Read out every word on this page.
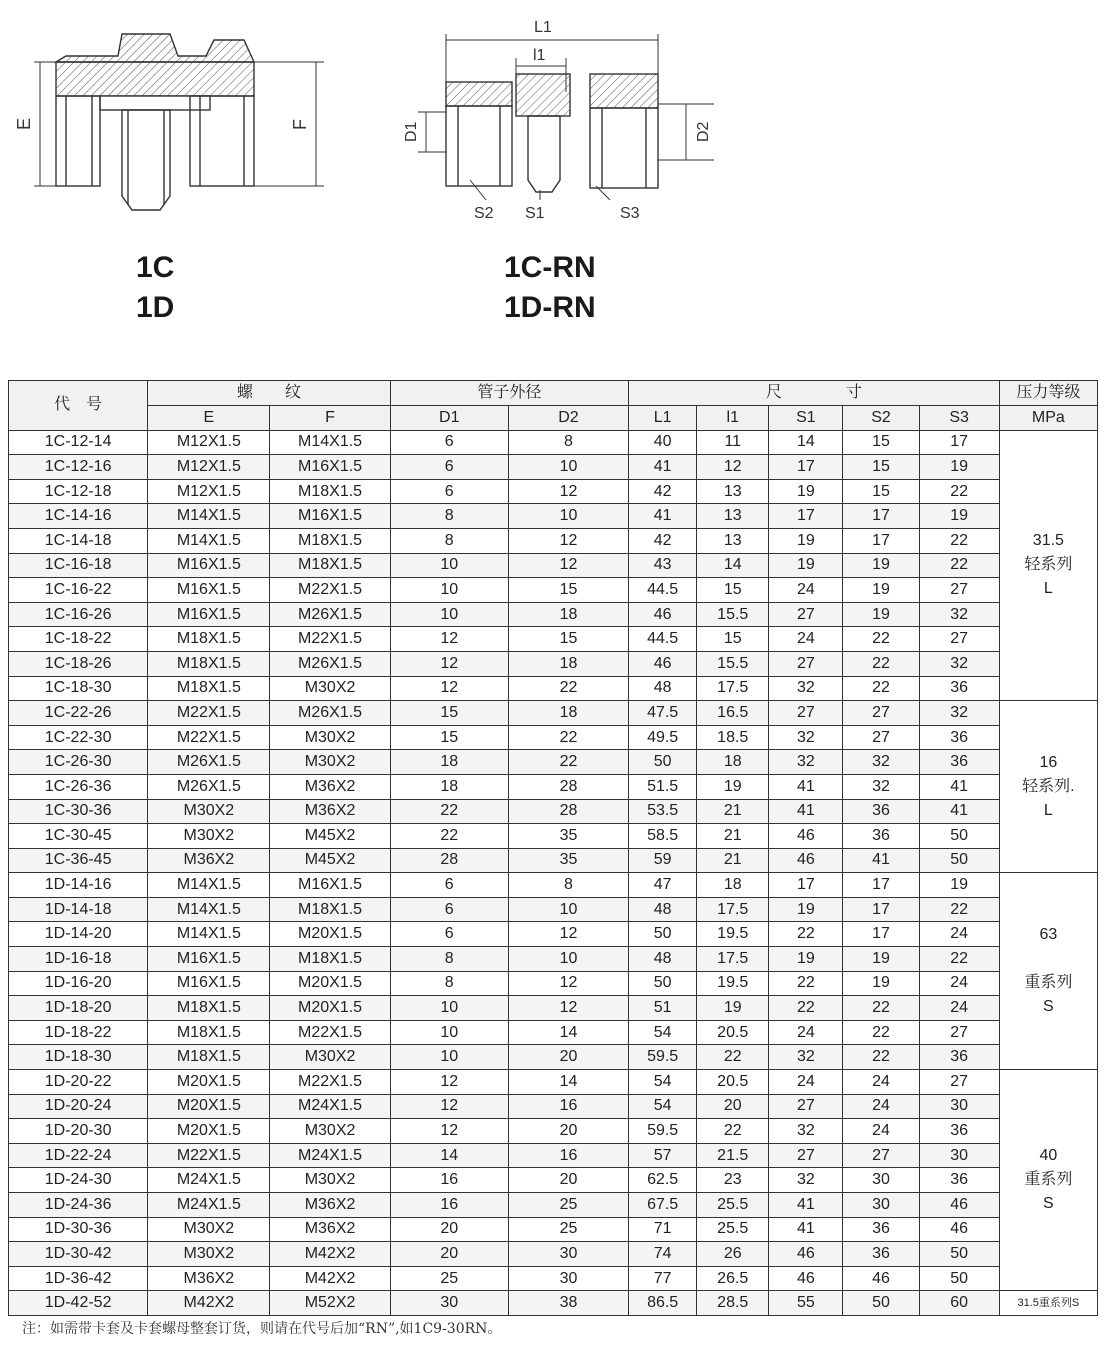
E	F
L1
l1
D1	D2
S2 S1	S3
1C
1D
1C-RN
1D-RN
代　号	螺　　纹		管子外径		尺　　　　寸					压力等级
	E	F	D1	D2	L1	l1	S1	S2	S3	MPa
1C-12-14	M12X1.5	M14X1.5	6	8	40	11	14	15	17	31.5
轻系列
L

1C-12-16	M12X1.5	M16X1.5	6	10	41	12	17	15	19	
1C-12-18	M12X1.5	M18X1.5	6	12	42	13	19	15	22	
1C-14-16	M14X1.5	M16X1.5	8	10	41	13	17	17	19	
1C-14-18	M14X1.5	M18X1.5	8	12	42	13	19	17	22	
1C-16-18	M16X1.5	M18X1.5	10	12	43	14	19	19	22	
1C-16-22	M16X1.5	M22X1.5	10	15	44.5	15	24	19	27	
1C-16-26	M16X1.5	M26X1.5	10	18	46	15.5	27	19	32	
1C-18-22	M18X1.5	M22X1.5	12	15	44.5	15	24	22	27	
1C-18-26	M18X1.5	M26X1.5	12	18	46	15.5	27	22	32	
1C-18-30	M18X1.5	M30X2	12	22	48	17.5	32	22	36	
1C-22-26	M22X1.5	M26X1.5	15	18	47.5	16.5	27	27	32	16
轻系列.
L

1C-22-30	M22X1.5	M30X2	15	22	49.5	18.5	32	27	36	
1C-26-30	M26X1.5	M30X2	18	22	50	18	32	32	36	
1C-26-36	M26X1.5	M36X2	18	28	51.5	19	41	32	41	
1C-30-36	M30X2	M36X2	22	28	53.5	21	41	36	41	
1C-30-45	M30X2	M45X2	22	35	58.5	21	46	36	50	
1C-36-45	M36X2	M45X2	28	35	59	21	46	41	50	
1D-14-16	M14X1.5	M16X1.5	6	8	47	18	17	17	19	63
重系列
S

1D-14-18	M14X1.5	M18X1.5	6	10	48	17.5	19	17	22	
1D-14-20	M14X1.5	M20X1.5	6	12	50	19.5	22	17	24	
1D-16-18	M16X1.5	M18X1.5	8	10	48	17.5	19	19	22	
1D-16-20	M16X1.5	M20X1.5	8	12	50	19.5	22	19	24	
1D-18-20	M18X1.5	M20X1.5	10	12	51	19	22	22	24	
1D-18-22	M18X1.5	M22X1.5	10	14	54	20.5	24	22	27	
1D-18-30	M18X1.5	M30X2	10	20	59.5	22	32	22	36	
1D-20-22	M20X1.5	M22X1.5	12	14	54	20.5	24	24	27	40
重系列
S

1D-20-24	M20X1.5	M24X1.5	12	16	54	20	27	24	30	
1D-20-30	M20X1.5	M30X2	12	20	59.5	22	32	24	36	
1D-22-24	M22X1.5	M24X1.5	14	16	57	21.5	27	27	30	
1D-24-30	M24X1.5	M30X2	16	20	62.5	23	32	30	36	
1D-24-36	M24X1.5	M36X2	16	25	67.5	25.5	41	30	46	
1D-30-36	M30X2	M36X2	20	25	71	25.5	41	36	46	
1D-30-42	M30X2	M42X2	20	30	74	26	46	36	50	
1D-36-42	M36X2	M42X2	25	30	77	26.5	46	46	50	
1D-42-52	M42X2	M52X2	30	38	86.5	28.5	55	50	60	31.5重系列S
注：如需带卡套及卡套螺母整套订货，则请在代号后加“RN”,如1C9-30RN。
